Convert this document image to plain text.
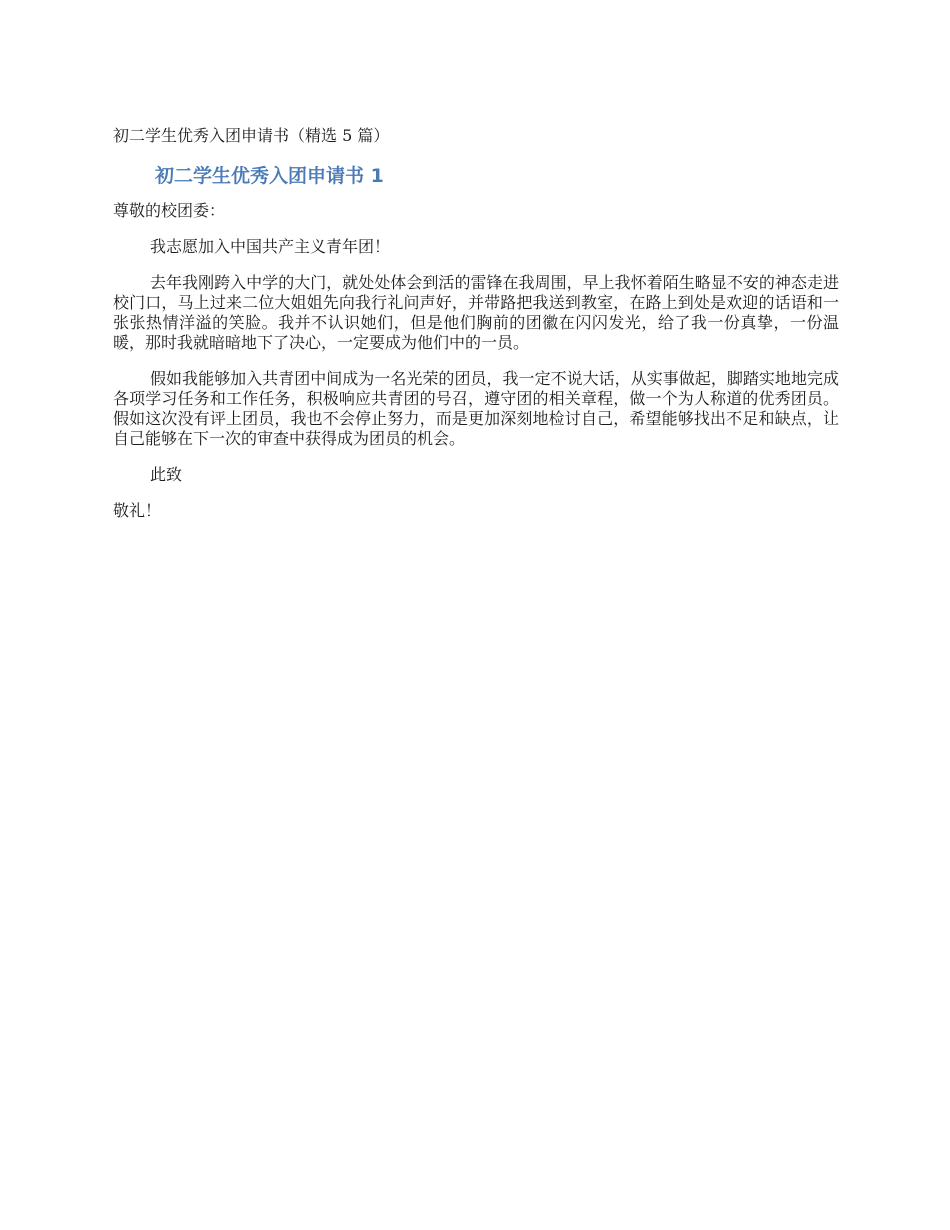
初二学生优秀入团申请书（精选 5 篇）

初二学生优秀入团申请书 1

尊敬的校团委：

我志愿加入中国共产主义青年团！

去年我刚跨入中学的大门，就处处体会到活的雷锋在我周围，早上我怀着陌生略显不安的神态走进校门口，马上过来二位大姐姐先向我行礼问声好，并带路把我送到教室，在路上到处是欢迎的话语和一张张热情洋溢的笑脸。我并不认识她们，但是他们胸前的团徽在闪闪发光，给了我一份真挚，一份温暖，那时我就暗暗地下了决心，一定要成为他们中的一员。

假如我能够加入共青团中间成为一名光荣的团员，我一定不说大话，从实事做起，脚踏实地地完成各项学习任务和工作任务，积极响应共青团的号召，遵守团的相关章程，做一个为人称道的优秀团员。假如这次没有评上团员，我也不会停止努力，而是更加深刻地检讨自己，希望能够找出不足和缺点，让自己能够在下一次的审查中获得成为团员的机会。

此致

敬礼！
